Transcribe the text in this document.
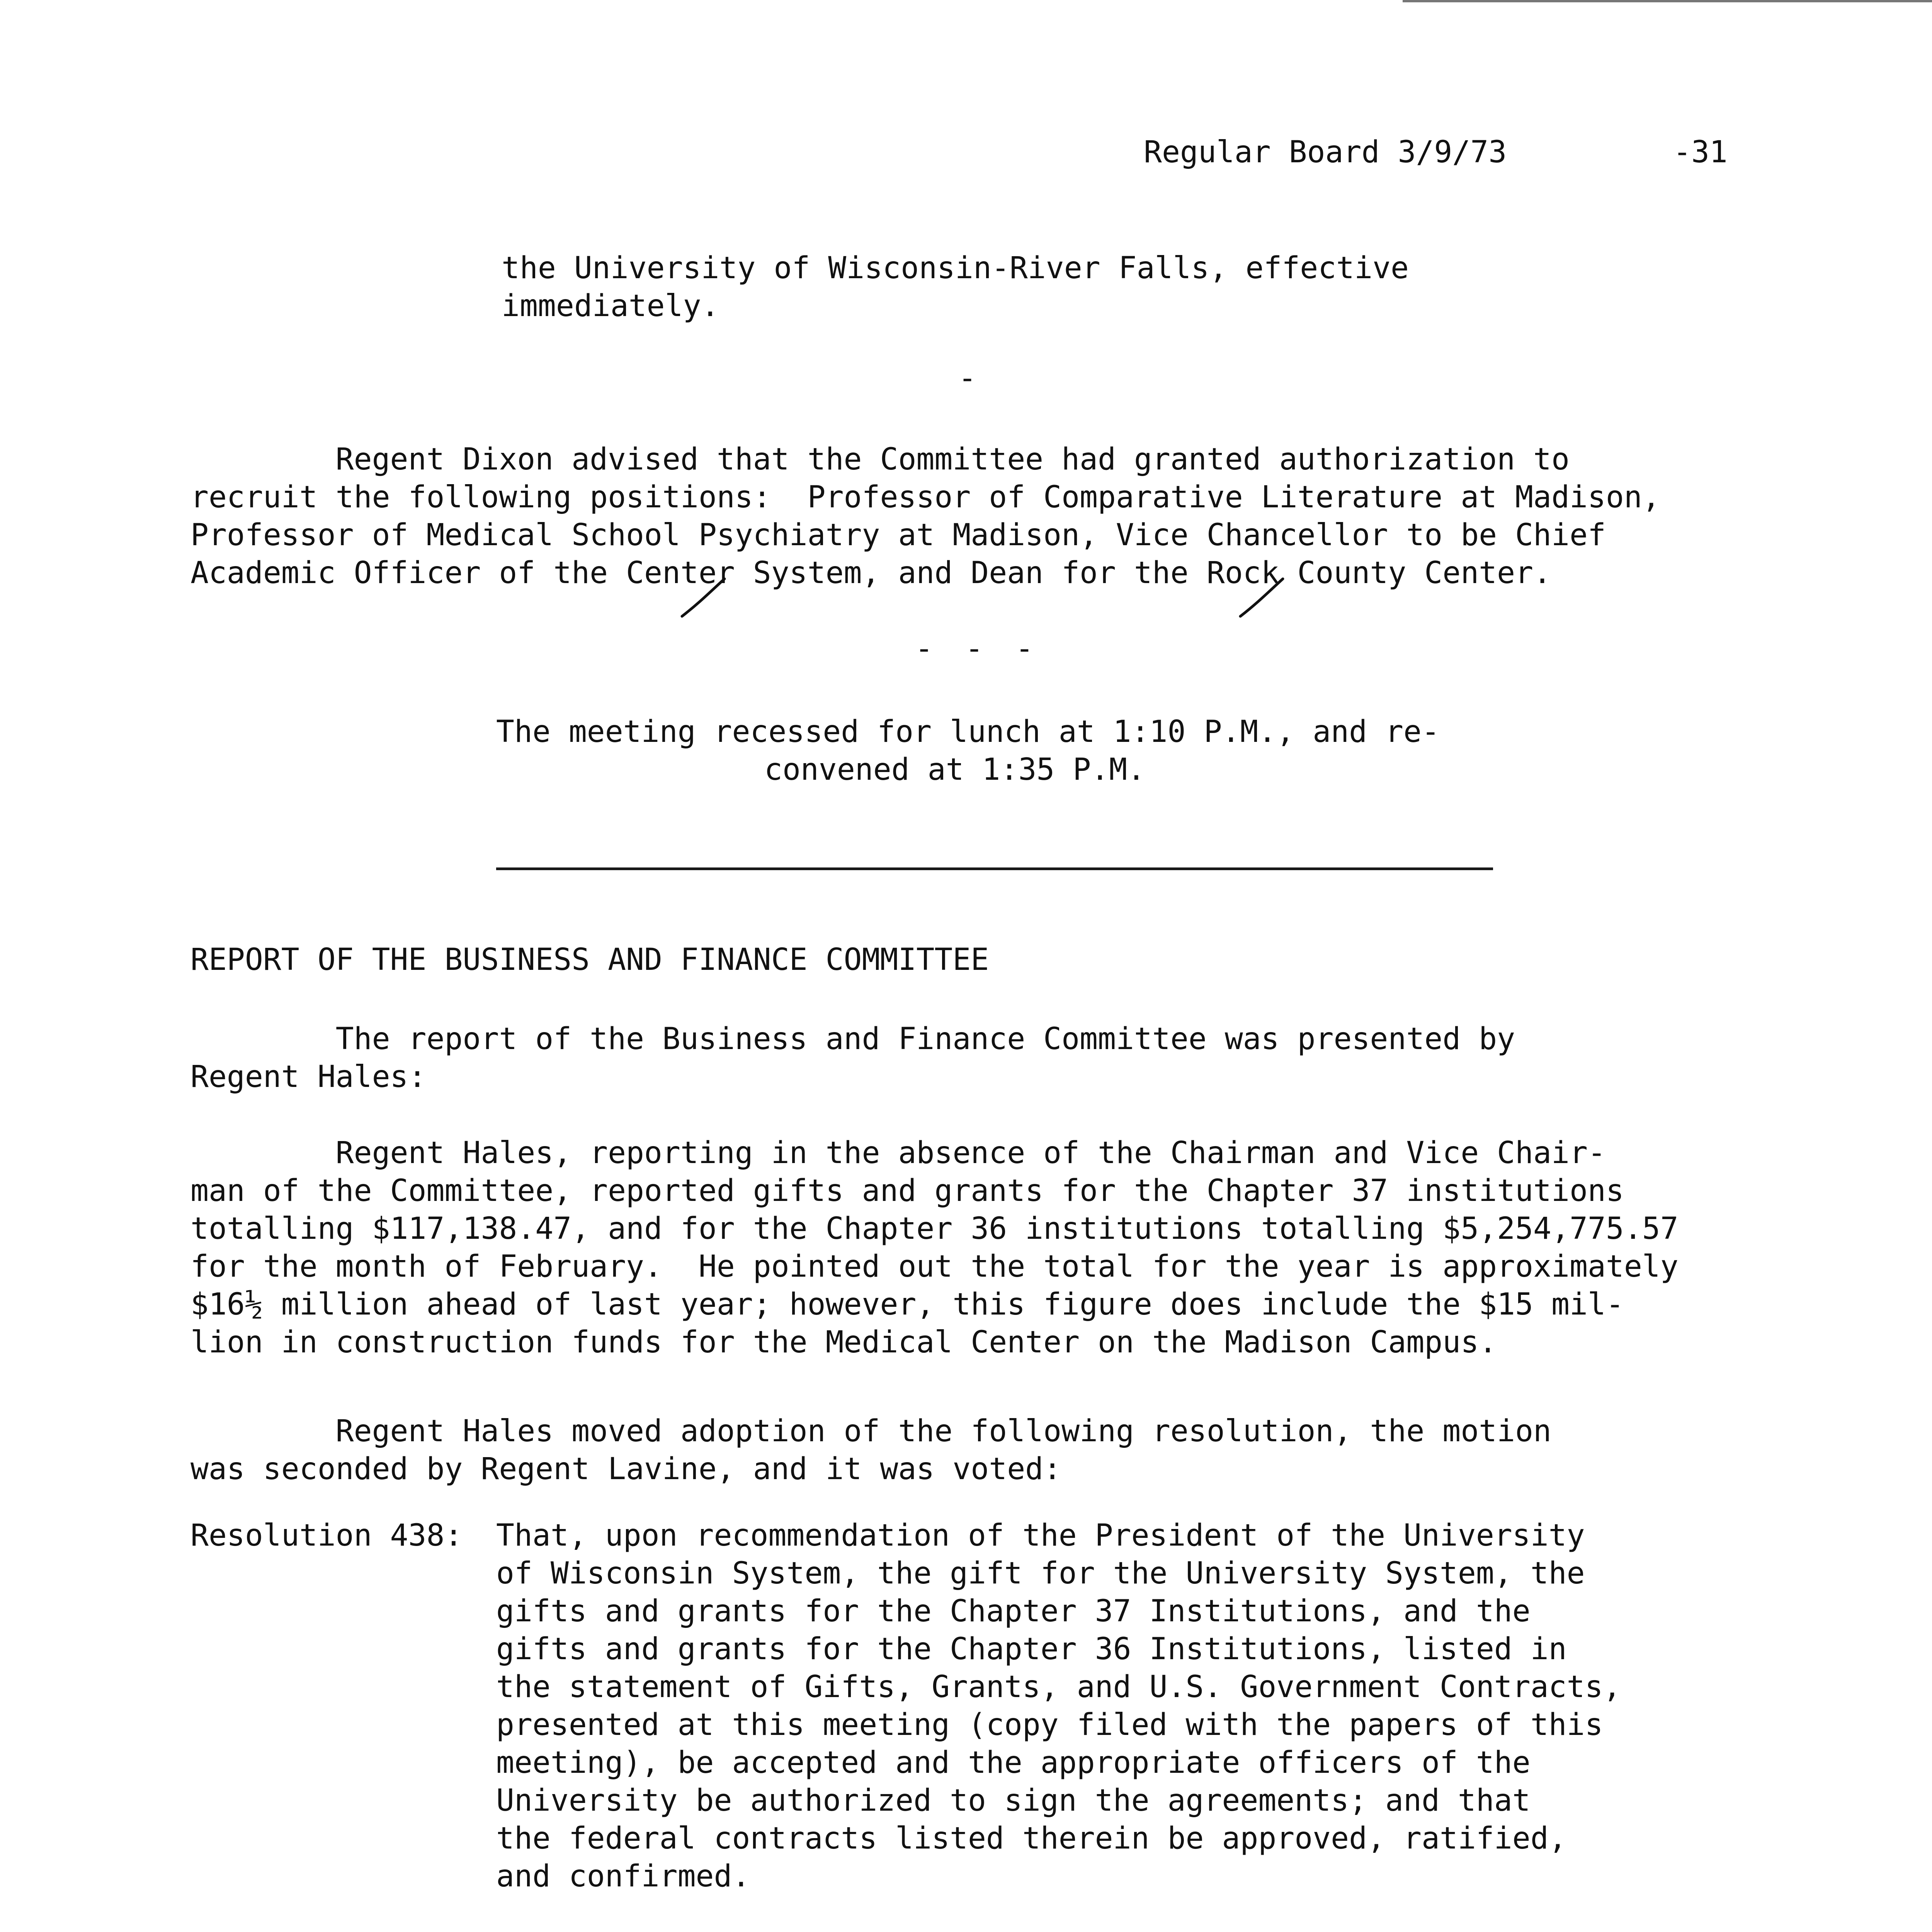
Regular Board 3/9/73	-31
the University of Wisconsin-River Falls, effective
immediately.
-
Regent Dixon advised that the Committee had granted authorization to
recruit the following positions:  Professor of Comparative Literature at Madison,
Professor of Medical School Psychiatry at Madison, Vice Chancellor to be Chief
Academic Officer of the Center System, and Dean for the Rock County Center.
- - -
The meeting recessed for lunch at 1:10 P.M., and re-
convened at 1:35 P.M.
REPORT OF THE BUSINESS AND FINANCE COMMITTEE
The report of the Business and Finance Committee was presented by
Regent Hales:
Regent Hales, reporting in the absence of the Chairman and Vice Chair-
man of the Committee, reported gifts and grants for the Chapter 37 institutions
totalling $117,138.47, and for the Chapter 36 institutions totalling $5,254,775.57
for the month of February.  He pointed out the total for the year is approximately
$16½ million ahead of last year; however, this figure does include the $15 mil-
lion in construction funds for the Medical Center on the Madison Campus.
Regent Hales moved adoption of the following resolution, the motion
was seconded by Regent Lavine, and it was voted:
Resolution 438: That, upon recommendation of the President of the University
of Wisconsin System, the gift for the University System, the
gifts and grants for the Chapter 37 Institutions, and the
gifts and grants for the Chapter 36 Institutions, listed in
the statement of Gifts, Grants, and U.S. Government Contracts,
presented at this meeting (copy filed with the papers of this
meeting), be accepted and the appropriate officers of the
University be authorized to sign the agreements; and that
the federal contracts listed therein be approved, ratified,
and confirmed.
